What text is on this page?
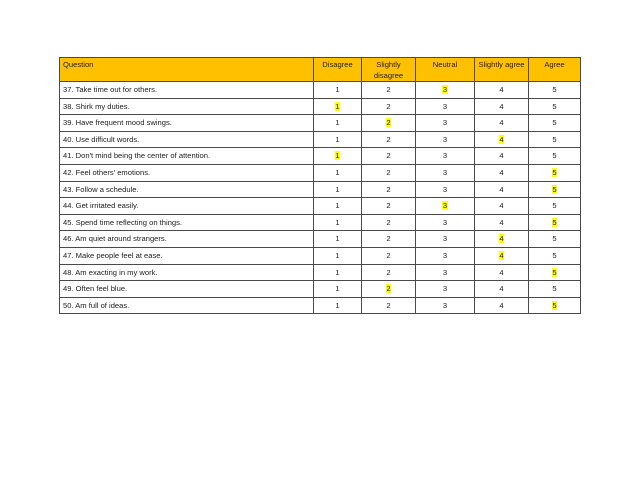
Question	Disagree	Slightly disagree	Neutral	Slightly agree	Agree
37. Take time out for others.	1	2	3	4	5
38. Shirk my duties.	1	2	3	4	5
39. Have frequent mood swings.	1	2	3	4	5
40. Use difficult words.	1	2	3	4	5
41. Don't mind being the center of attention.	1	2	3	4	5
42. Feel others' emotions.	1	2	3	4	5
43. Follow a schedule.	1	2	3	4	5
44. Get irritated easily.	1	2	3	4	5
45. Spend time reflecting on things.	1	2	3	4	5
46. Am quiet around strangers.	1	2	3	4	5
47. Make people feel at ease.	1	2	3	4	5
48. Am exacting in my work.	1	2	3	4	5
49. Often feel blue.	1	2	3	4	5
50. Am full of ideas.	1	2	3	4	5
